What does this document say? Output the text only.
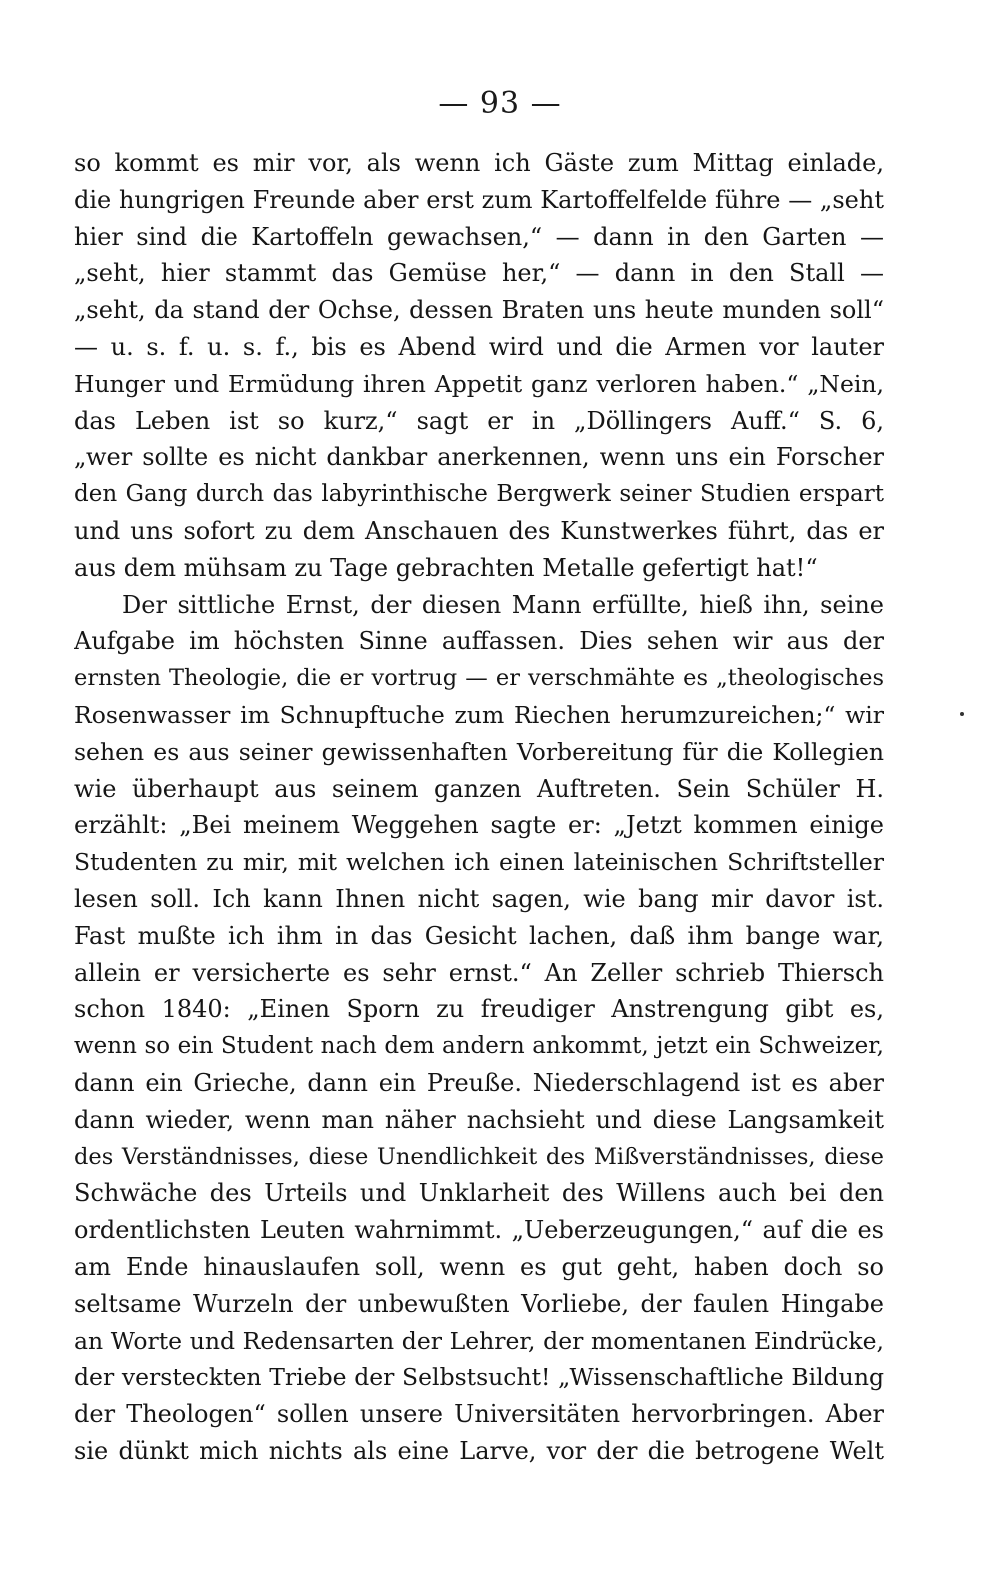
— 93 —
so kommt es mir vor, als wenn ich Gäste zum Mittag einlade,
die hungrigen Freunde aber erst zum Kartoffelfelde führe — „seht
hier sind die Kartoffeln gewachsen,“ — dann in den Garten —
„seht, hier stammt das Gemüse her,“ — dann in den Stall —
„seht, da stand der Ochse, dessen Braten uns heute munden soll“
— u. s. f. u. s. f., bis es Abend wird und die Armen vor lauter
Hunger und Ermüdung ihren Appetit ganz verloren haben.“ „Nein,
das Leben ist so kurz,“ sagt er in „Döllingers Auff.“ S. 6,
„wer sollte es nicht dankbar anerkennen, wenn uns ein Forscher
den Gang durch das labyrinthische Bergwerk seiner Studien erspart
und uns sofort zu dem Anschauen des Kunstwerkes führt, das er
aus dem mühsam zu Tage gebrachten Metalle gefertigt hat!“
Der sittliche Ernst, der diesen Mann erfüllte, hieß ihn, seine
Aufgabe im höchsten Sinne auffassen. Dies sehen wir aus der
ernsten Theologie, die er vortrug — er verschmähte es „theologisches
Rosenwasser im Schnupftuche zum Riechen herumzureichen;“ wir
sehen es aus seiner gewissenhaften Vorbereitung für die Kollegien
wie überhaupt aus seinem ganzen Auftreten. Sein Schüler H.
erzählt: „Bei meinem Weggehen sagte er: „Jetzt kommen einige
Studenten zu mir, mit welchen ich einen lateinischen Schriftsteller
lesen soll. Ich kann Ihnen nicht sagen, wie bang mir davor ist.
Fast mußte ich ihm in das Gesicht lachen, daß ihm bange war,
allein er versicherte es sehr ernst.“ An Zeller schrieb Thiersch
schon 1840: „Einen Sporn zu freudiger Anstrengung gibt es,
wenn so ein Student nach dem andern ankommt, jetzt ein Schweizer,
dann ein Grieche, dann ein Preuße. Niederschlagend ist es aber
dann wieder, wenn man näher nachsieht und diese Langsamkeit
des Verständnisses, diese Unendlichkeit des Mißverständnisses, diese
Schwäche des Urteils und Unklarheit des Willens auch bei den
ordentlichsten Leuten wahrnimmt. „Ueberzeugungen,“ auf die es
am Ende hinauslaufen soll, wenn es gut geht, haben doch so
seltsame Wurzeln der unbewußten Vorliebe, der faulen Hingabe
an Worte und Redensarten der Lehrer, der momentanen Eindrücke,
der versteckten Triebe der Selbstsucht! „Wissenschaftliche Bildung
der Theologen“ sollen unsere Universitäten hervorbringen. Aber
sie dünkt mich nichts als eine Larve, vor der die betrogene Welt
